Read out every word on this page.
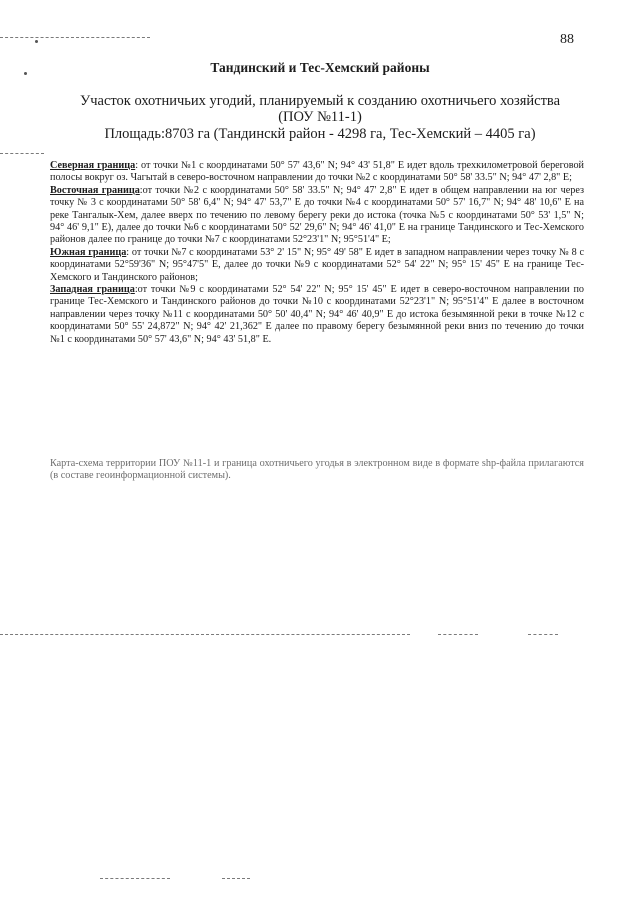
88
Тандинский и Тес-Хемский районы
Участок охотничьих угодий, планируемый к созданию охотничьего хозяйства
(ПОУ №11-1)
Площадь:8703 га (Тандинскй район - 4298 га, Тес-Хемский – 4405 га)

Северная граница: от точки №1 с координатами 50° 57' 43,6" N; 94° 43' 51,8" E идет вдоль трехкилометровой береговой полосы вокруг оз. Чагытай в северо-восточном направлении до точки №2 с координатами 50° 58' 33.5" N; 94° 47' 2,8" E;

Восточная граница:от точки №2 с координатами 50° 58' 33.5" N; 94° 47' 2,8" E идет в общем направлении на юг через точку № 3 с координатами 50° 58' 6,4" N; 94° 47' 53,7" E до точки №4 с координатами 50° 57' 16,7" N; 94° 48' 10,6" E на реке Тангалык-Хем, далее вверх по течению по левому берегу реки до истока (точка №5 с координатами 50° 53' 1,5" N; 94° 46' 9,1" E), далее до точки №6 с координатами 50° 52' 29,6" N; 94° 46' 41,0" E на границе Тандинского и Тес-Хемского районов далее по границе до точки №7 с координатами 52°23'1" N; 95°51'4" E;

Южная граница: от точки №7 с координатами 53° 2' 15" N; 95° 49' 58" E идет в западном направлении через точку № 8 с координатами 52°59'36" N; 95°47'5" E, далее до точки №9 с координатами 52° 54' 22" N; 95° 15' 45" E на границе Тес-Хемского и Тандинского районов;

Западная граница:от точки №9 с координатами 52° 54' 22" N; 95° 15' 45" E идет в северо-восточном направлении по границе Тес-Хемского и Тандинского районов до точки №10 с координатами 52°23'1" N; 95°51'4" E далее в восточном направлении через точку №11 с координатами 50° 50' 40,4" N; 94° 46' 40,9" E до истока безымянной реки в точке №12 с координатами 50° 55' 24,872" N; 94° 42' 21,362" E далее по правому берегу безымянной реки вниз по течению до точки №1 с координатами 50° 57' 43,6" N; 94° 43' 51,8" E.

Карта-схема территории ПОУ №11-1 и граница охотничьего угодья в электронном виде в формате shp-файла прилагаются (в составе геоинформационной системы).
